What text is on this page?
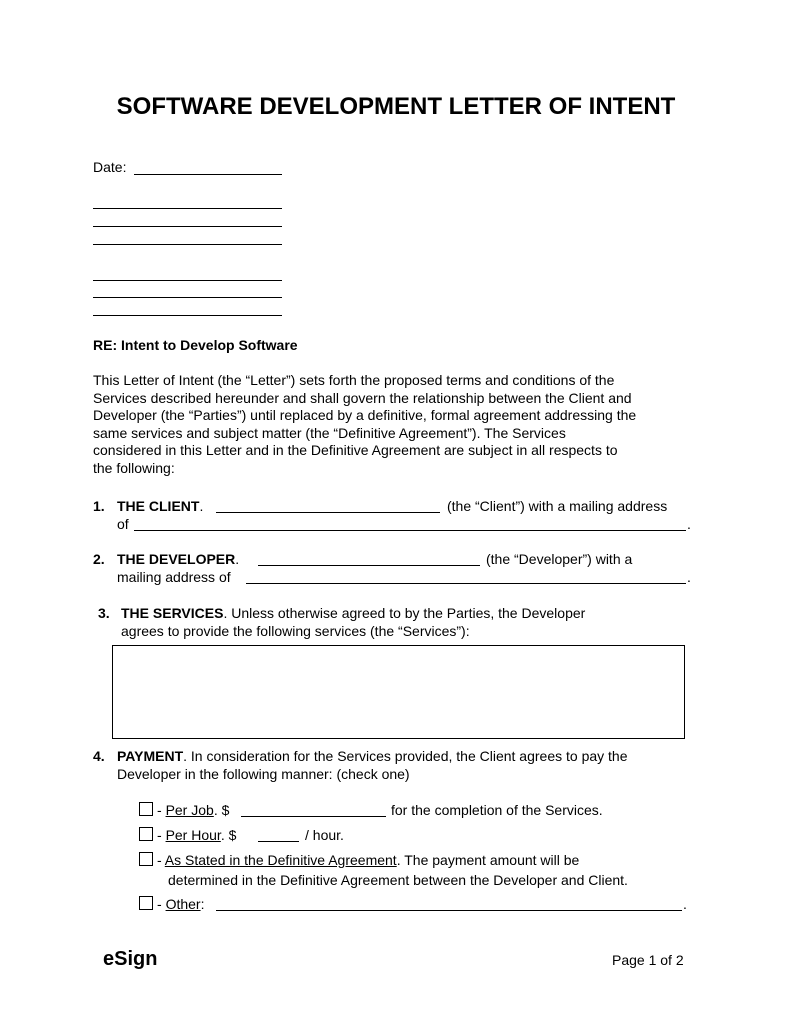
SOFTWARE DEVELOPMENT LETTER OF INTENT
Date:
RE: Intent to Develop Software
This Letter of Intent (the “Letter”) sets forth the proposed terms and conditions of the
Services described hereunder and shall govern the relationship between the Client and
Developer (the “Parties”) until replaced by a definitive, formal agreement addressing the
same services and subject matter (the “Definitive Agreement”). The Services
considered in this Letter and in the Definitive Agreement are subject in all respects to
the following:
1. THE CLIENT.	(the “Client”) with a mailing address
of	.
2. THE DEVELOPER.	(the “Developer”) with a
mailing address of	.
3. THE SERVICES. Unless otherwise agreed to by the Parties, the Developer
agrees to provide the following services (the “Services”):
4. PAYMENT. In consideration for the Services provided, the Client agrees to pay the
Developer in the following manner: (check one)
- Per Job. $	for the completion of the Services.
- Per Hour. $	/ hour.
- As Stated in the Definitive Agreement. The payment amount will be
determined in the Definitive Agreement between the Developer and Client.
- Other:	.
eSign	Page 1 of 2
